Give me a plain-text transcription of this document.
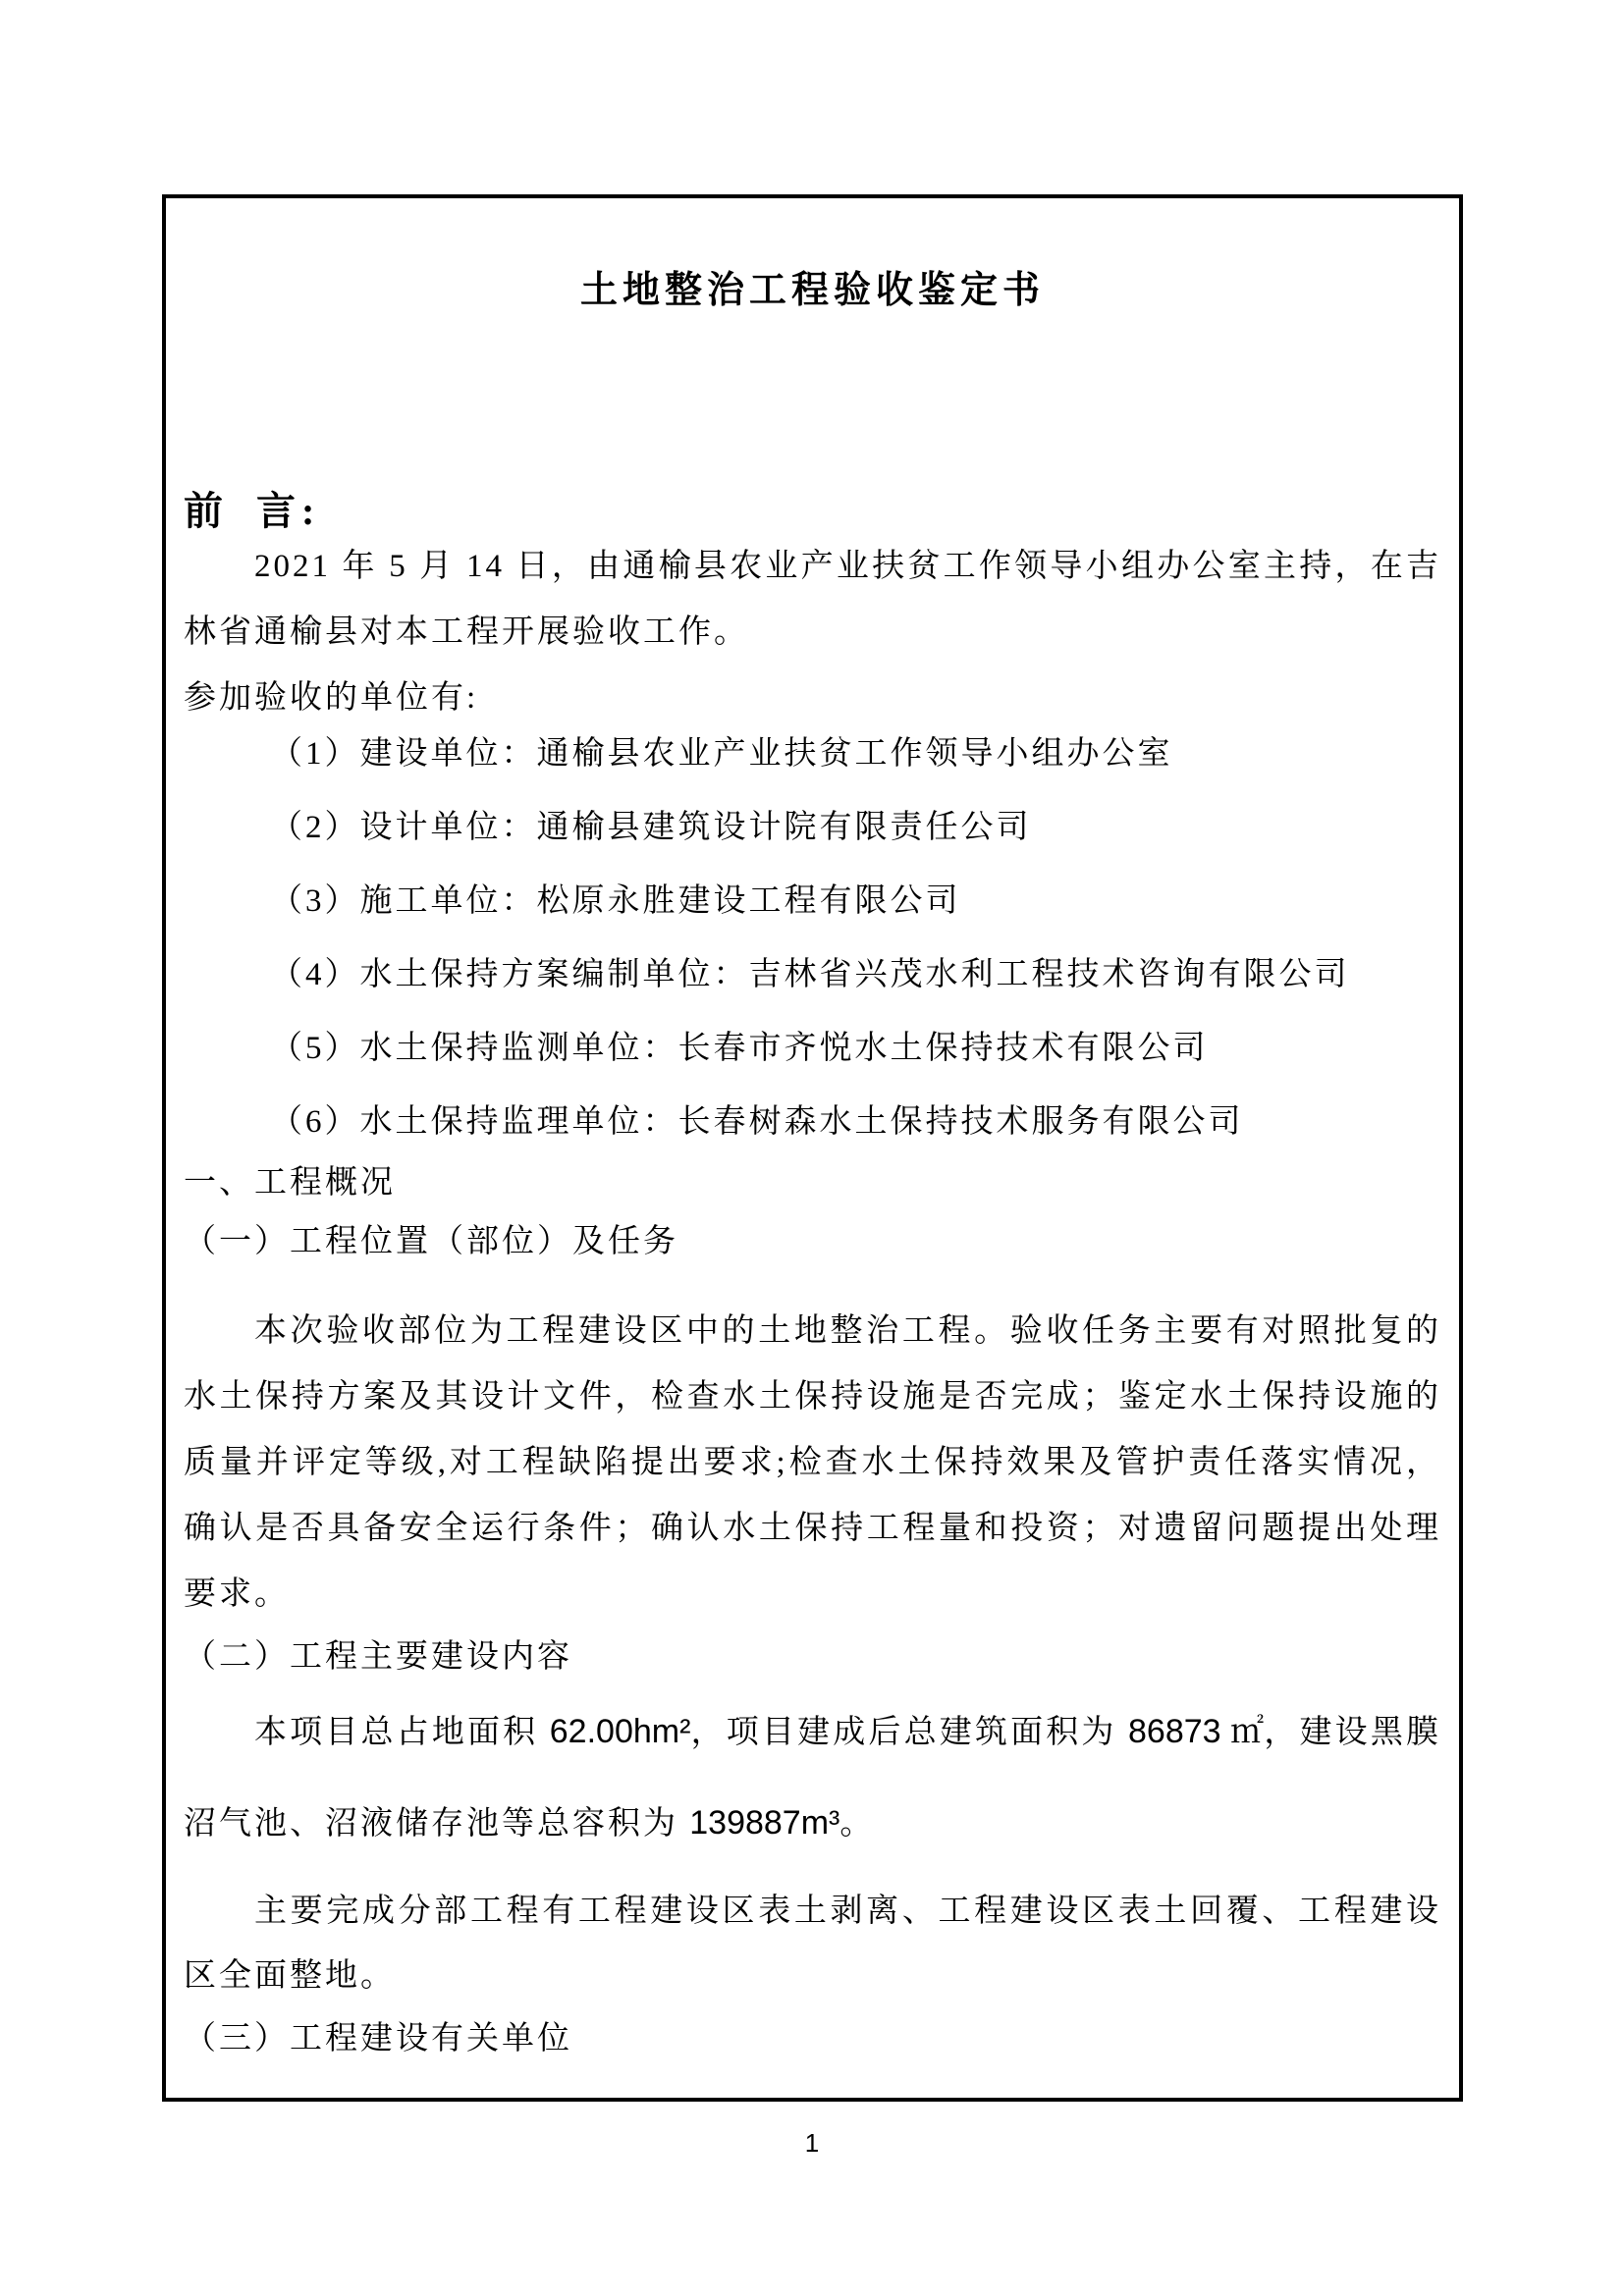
土地整治工程验收鉴定书
前 言:

2021 年 5 月 14 日，由通榆县农业产业扶贫工作领导小组办公室主持，在吉林省通榆县对本工程开展验收工作。

参加验收的单位有:

（1）建设单位：通榆县农业产业扶贫工作领导小组办公室

（2）设计单位：通榆县建筑设计院有限责任公司

（3）施工单位：松原永胜建设工程有限公司

（4）水土保持方案编制单位：吉林省兴茂水利工程技术咨询有限公司

（5）水土保持监测单位：长春市齐悦水土保持技术有限公司

（6）水土保持监理单位：长春树森水土保持技术服务有限公司

一、工程概况

（一）工程位置（部位）及任务

本次验收部位为工程建设区中的土地整治工程。验收任务主要有对照批复的水土保持方案及其设计文件，检查水土保持设施是否完成；鉴定水土保持设施的质量并评定等级,对工程缺陷提出要求;检查水土保持效果及管护责任落实情况，确认是否具备安全运行条件；确认水土保持工程量和投资；对遗留问题提出处理要求。

（二）工程主要建设内容

本项目总占地面积 62.00hm²，项目建成后总建筑面积为 86873 ㎡，建设黑膜沼气池、沼液储存池等总容积为 139887m³。

主要完成分部工程有工程建设区表土剥离、工程建设区表土回覆、工程建设区全面整地。

（三）工程建设有关单位

1
